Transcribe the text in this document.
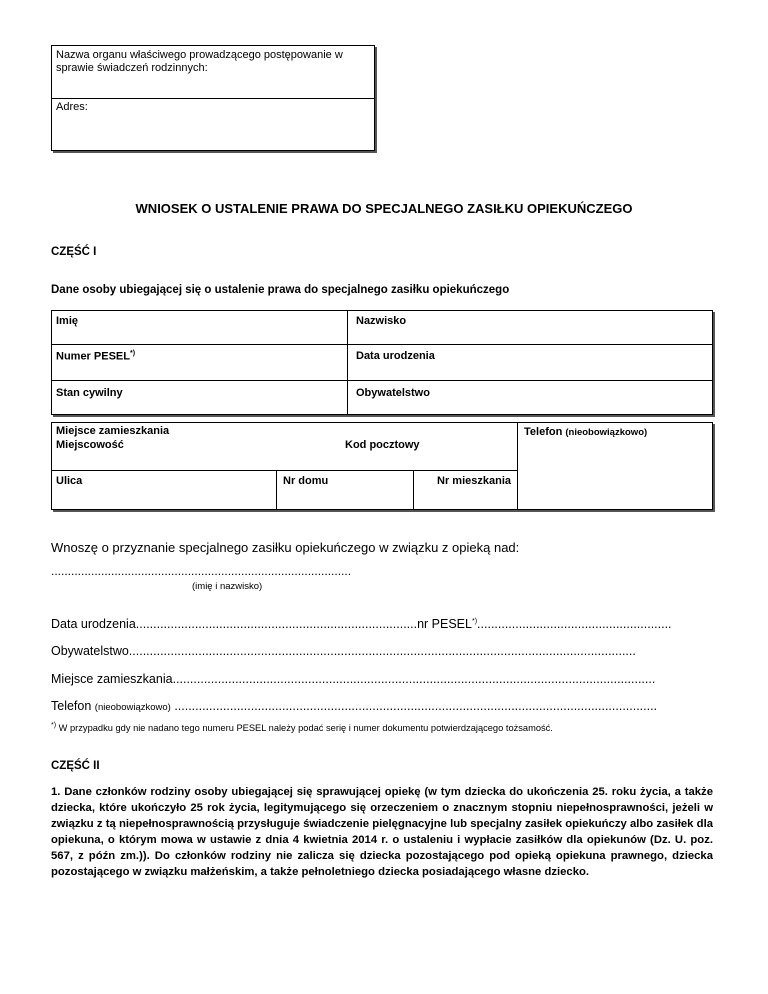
Nazwa organu właściwego prowadzącego postępowanie w sprawie świadczeń rodzinnych:
Adres:
WNIOSEK O USTALENIE PRAWA DO SPECJALNEGO ZASIŁKU OPIEKUŃCZEGO
CZĘŚĆ I
Dane osoby ubiegającej się o ustalenie prawa do specjalnego zasiłku opiekuńczego
Imię	Nazwisko
Numer PESEL*)	Data urodzenia
Stan cywilny	Obywatelstwo
Miejsce zamieszkania
Miejscowość	Kod pocztowy
Telefon (nieobowiązkowo)
Ulica	Nr domu	Nr mieszkania
Wnoszę o przyznanie specjalnego zasiłku opiekuńczego w związku z opieką nad:
..........................................................................................
(imię i nazwisko)
Data urodzenia.................................................................................nr PESEL*)........................................................
Obywatelstwo..................................................................................................................................................
Miejsce zamieszkania...........................................................................................................................................
Telefon (nieobowiązkowo) ...........................................................................................................................................
*) W przypadku gdy nie nadano tego numeru PESEL należy podać serię i numer dokumentu potwierdzającego tożsamość.
CZĘŚĆ II
1. Dane członków rodziny osoby ubiegającej się sprawującej opiekę (w tym dziecka do ukończenia 25. roku życia, a także dziecka, które ukończyło 25 rok życia, legitymującego się orzeczeniem o znacznym stopniu niepełnosprawności, jeżeli w związku z tą niepełnosprawnością przysługuje świadczenie pielęgnacyjne lub specjalny zasiłek opiekuńczy albo zasiłek dla opiekuna, o którym mowa w ustawie z dnia 4 kwietnia 2014 r. o ustaleniu i wypłacie zasiłków dla opiekunów (Dz. U. poz. 567, z późn zm.)). Do członków rodziny nie zalicza się dziecka pozostającego pod opieką opiekuna prawnego, dziecka pozostającego w związku małżeńskim, a także pełnoletniego dziecka posiadającego własne dziecko.
